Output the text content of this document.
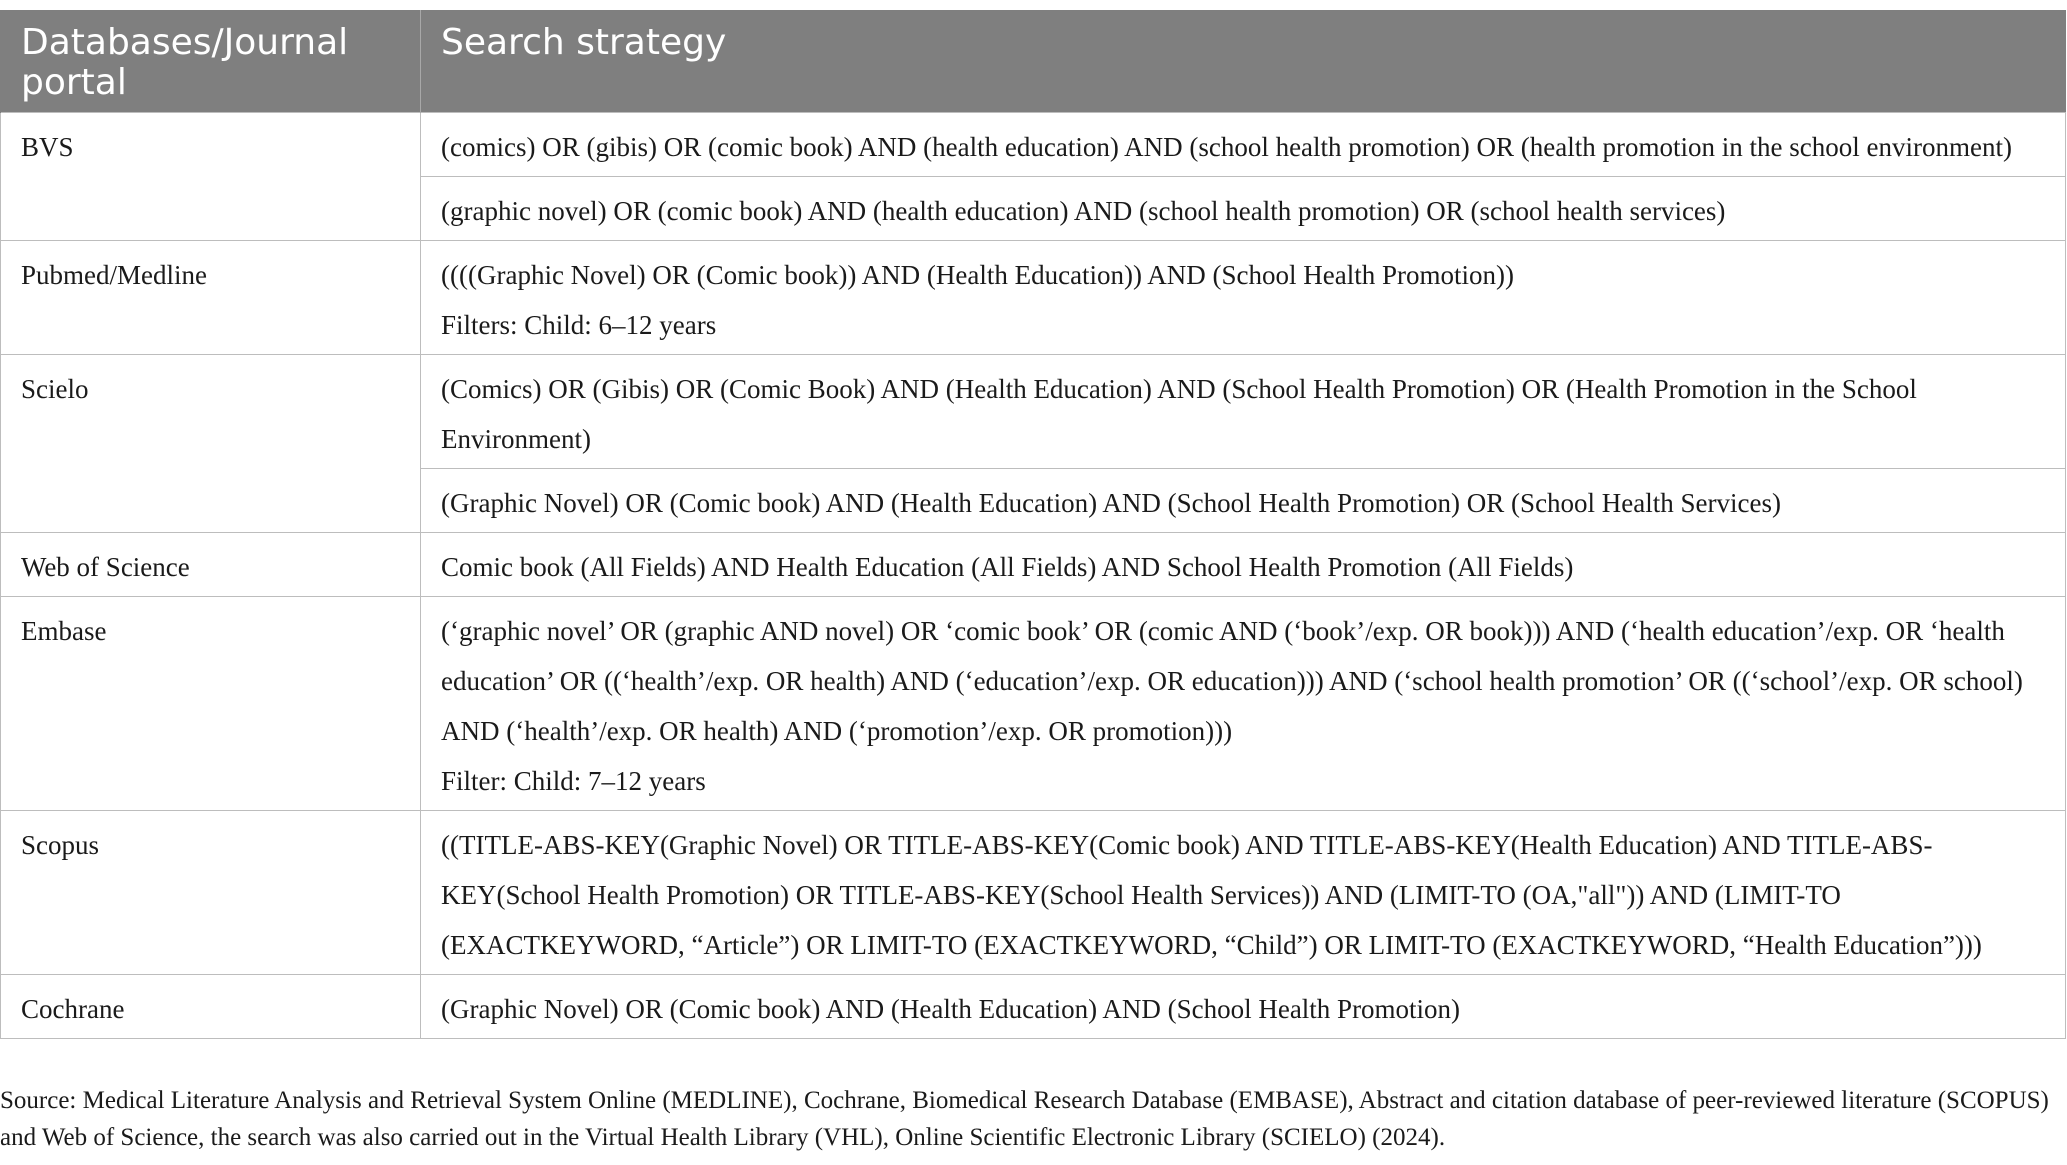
Databases/Journal portal	Search strategy
BVS	(comics) OR (gibis) OR (comic book) AND (health education) AND (school health promotion) OR (health promotion in the school environment)

	(graphic novel) OR (comic book) AND (health education) AND (school health promotion) OR (school health services)

Pubmed/Medline	((((Graphic Novel) OR (Comic book)) AND (Health Education)) AND (School Health Promotion))
Filters: Child: 6–12 years

Scielo	(Comics) OR (Gibis) OR (Comic Book) AND (Health Education) AND (School Health Promotion) OR (Health Promotion in the School Environment)

	(Graphic Novel) OR (Comic book) AND (Health Education) AND (School Health Promotion) OR (School Health Services)

Web of Science	Comic book (All Fields) AND Health Education (All Fields) AND School Health Promotion (All Fields)

Embase	(‘graphic novel’ OR (graphic AND novel) OR ‘comic book’ OR (comic AND (‘book’/exp. OR book))) AND (‘health education’/exp. OR ‘health education’ OR ((‘health’/exp. OR health) AND (‘education’/exp. OR education))) AND (‘school health promotion’ OR ((‘school’/exp. OR school) AND (‘health’/exp. OR health) AND (‘promotion’/exp. OR promotion)))
Filter: Child: 7–12 years

Scopus	((TITLE-ABS-KEY(Graphic Novel) OR TITLE-ABS-KEY(Comic book) AND TITLE-ABS-KEY(Health Education) AND TITLE-ABS-KEY(School Health Promotion) OR TITLE-ABS-KEY(School Health Services)) AND (LIMIT-TO (OA,"all")) AND (LIMIT-TO (EXACTKEYWORD, “Article”) OR LIMIT-TO (EXACTKEYWORD, “Child”) OR LIMIT-TO (EXACTKEYWORD, “Health Education”)))

Cochrane	(Graphic Novel) OR (Comic book) AND (Health Education) AND (School Health Promotion)

Source: Medical Literature Analysis and Retrieval System Online (MEDLINE), Cochrane, Biomedical Research Database (EMBASE), Abstract and citation database of peer-reviewed literature (SCOPUS) and Web of Science, the search was also carried out in the Virtual Health Library (VHL), Online Scientific Electronic Library (SCIELO) (2024).
